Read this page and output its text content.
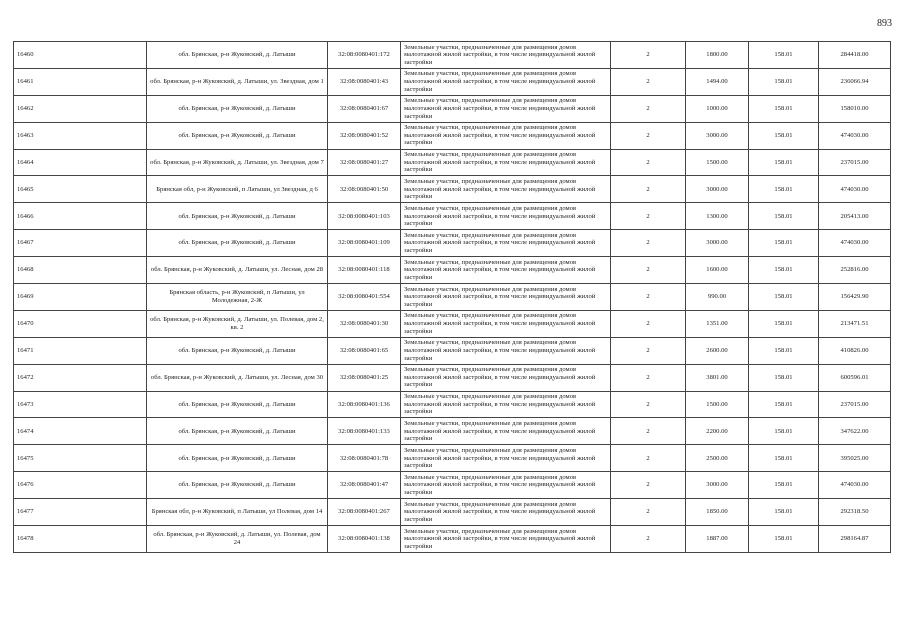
893
16460	обл. Брянская, р-н Жуковский, д. Латыши	32:08:0080401:172	Земельные участки, предназначенные для размещения домов малоэтажной жилой застройки, в том числе индивидуальной жилой застройки	2	1800.00	158.01	284418.00
16461	обл. Брянская, р-н Жуковский, д. Латыши, ул. Звездная, дом 1	32:08:0080401:43	Земельные участки, предназначенные для размещения домов малоэтажной жилой застройки, в том числе индивидуальной жилой застройки	2	1494.00	158.01	236066.94
16462	обл. Брянская, р-н Жуковский, д. Латыши	32:08:0080401:67	Земельные участки, предназначенные для размещения домов малоэтажной жилой застройки, в том числе индивидуальной жилой застройки	2	1000.00	158.01	158010.00
16463	обл. Брянская, р-н Жуковский, д. Латыши	32:08:0080401:52	Земельные участки, предназначенные для размещения домов малоэтажной жилой застройки, в том числе индивидуальной жилой застройки	2	3000.00	158.01	474030.00
16464	обл. Брянская, р-н Жуковский, д. Латыши, ул. Звездная, дом 7	32:08:0080401:27	Земельные участки, предназначенные для размещения домов малоэтажной жилой застройки, в том числе индивидуальной жилой застройки	2	1500.00	158.01	237015.00
16465	Брянская обл, р-н Жуковский, п Латыши, ул Звездная, д 6	32:08:0080401:50	Земельные участки, предназначенные для размещения домов малоэтажной жилой застройки, в том числе индивидуальной жилой застройки	2	3000.00	158.01	474030.00
16466	обл. Брянская, р-н Жуковский, д. Латыши	32:08:0080401:103	Земельные участки, предназначенные для размещения домов малоэтажной жилой застройки, в том числе индивидуальной жилой застройки	2	1300.00	158.01	205413.00
16467	обл. Брянская, р-н Жуковский, д. Латыши	32:08:0080401:109	Земельные участки, предназначенные для размещения домов малоэтажной жилой застройки, в том числе индивидуальной жилой застройки	2	3000.00	158.01	474030.00
16468	обл. Брянская, р-н Жуковский, д. Латыши, ул. Лесная, дом 28	32:08:0080401:118	Земельные участки, предназначенные для размещения домов малоэтажной жилой застройки, в том числе индивидуальной жилой застройки	2	1600.00	158.01	252816.00
16469	Брянская область, р-н Жуковский, п Латыши, ул Молодежная, 2-Ж	32:08:0080401:554	Земельные участки, предназначенные для размещения домов малоэтажной жилой застройки, в том числе индивидуальной жилой застройки	2	990.00	158.01	156429.90
16470	обл. Брянская, р-н Жуковский, д. Латыши, ул. Полевая, дом 2, кв. 2	32:08:0080401:30	Земельные участки, предназначенные для размещения домов малоэтажной жилой застройки, в том числе индивидуальной жилой застройки	2	1351.00	158.01	213471.51
16471	обл. Брянская, р-н Жуковский, д. Латыши	32:08:0080401:65	Земельные участки, предназначенные для размещения домов малоэтажной жилой застройки, в том числе индивидуальной жилой застройки	2	2600.00	158.01	410826.00
16472	обл. Брянская, р-н Жуковский, д. Латыши, ул. Лесная, дом 30	32:08:0080401:25	Земельные участки, предназначенные для размещения домов малоэтажной жилой застройки, в том числе индивидуальной жилой застройки	2	3801.00	158.01	600596.01
16473	обл. Брянская, р-н Жуковский, д. Латыши	32:08:0080401:136	Земельные участки, предназначенные для размещения домов малоэтажной жилой застройки, в том числе индивидуальной жилой застройки	2	1500.00	158.01	237015.00
16474	обл. Брянская, р-н Жуковский, д. Латыши	32:08:0080401:133	Земельные участки, предназначенные для размещения домов малоэтажной жилой застройки, в том числе индивидуальной жилой застройки	2	2200.00	158.01	347622.00
16475	обл. Брянская, р-н Жуковский, д. Латыши	32:08:0080401:78	Земельные участки, предназначенные для размещения домов малоэтажной жилой застройки, в том числе индивидуальной жилой застройки	2	2500.00	158.01	395025.00
16476	обл. Брянская, р-н Жуковский, д. Латыши	32:08:0080401:47	Земельные участки, предназначенные для размещения домов малоэтажной жилой застройки, в том числе индивидуальной жилой застройки	2	3000.00	158.01	474030.00
16477	Брянская обл, р-н Жуковский, п Латыши, ул Полевая, дом 14	32:08:0080401:267	Земельные участки, предназначенные для размещения домов малоэтажной жилой застройки, в том числе индивидуальной жилой застройки	2	1850.00	158.01	292318.50
16478	обл. Брянская, р-н Жуковский, д. Латыши, ул. Полевая, дом 24	32:08:0080401:138	Земельные участки, предназначенные для размещения домов малоэтажной жилой застройки, в том числе индивидуальной жилой застройки	2	1887.00	158.01	298164.87
